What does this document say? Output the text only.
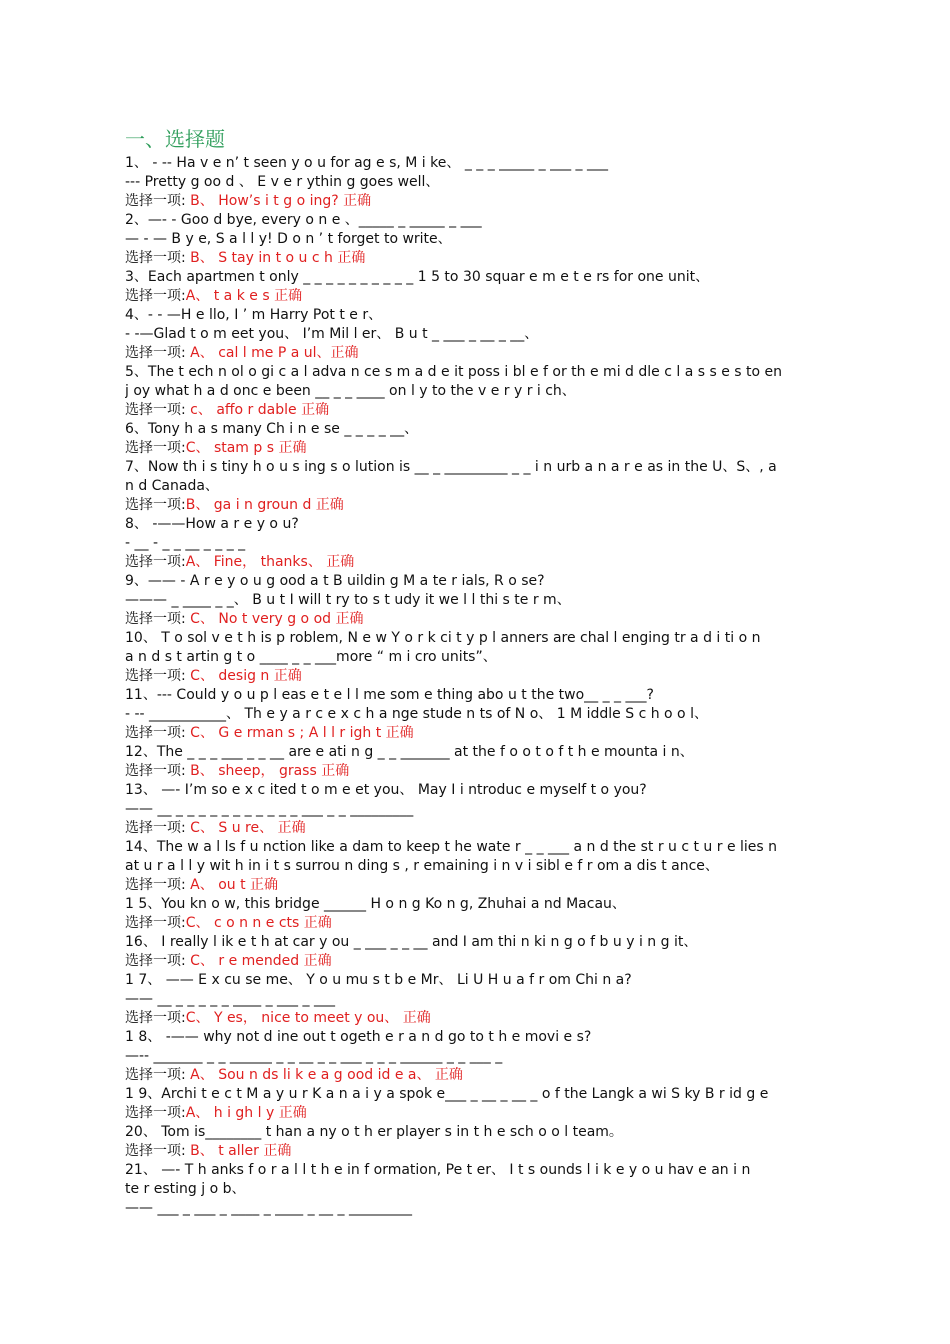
一、选择题
1、 - -- Ha v e n’ t seen y o u for ag e s, M i ke、 _ _ _ _____ _ ___ _ ___
--- Pretty g oo d 、 E v e r ythin g goes well、
选择一项: B、 How’s i t g o ing? 正确
2、—- - Goo d bye, every o n e 、_____ _ _____ _ ___
— - — B y e, S a l l y! D o n ’ t forget to write、
选择一项: B、 S tay in t o u c h 正确
3、Each apartmen t only _ _ _ _ _ _ _ _ _ _ 1 5 to 30 squar e m e t e rs for one unit、
选择一项:A、 t a k e s 正确
4、- - —H e llo, I ’ m Harry Pot t e r、
- -—Glad t o m eet you、 I’m Mil l er、 B u t _ ___ _ __ _ __、
选择一项: A、 cal l me P a ul、正确
5、The t ech n ol o gi c a l adva n ce s m a d e it poss i bl e f or th e mi d dle c l a s s e s to en
j oy what h a d onc e been __ _ _ ____ on l y to the v e r y r i ch、
选择一项: c、 affo r dable 正确
6、Tony h a s many Ch i n e se _ _ _ _ __、
选择一项:C、 stam p s 正确
7、Now th i s tiny h o u s ing s o lution is __ _ _________ _ _ i n urb a n a r e as in the U、S、, a
n d Canada、
选择一项:B、 ga i n groun d 正确
8、 -——How a r e y o u?
- __ - _ _ __ _ _ _ _
选择一项:A、 Fine， thanks、 正确
9、—— - A r e y o u g ood a t B uildin g M a te r ials, R o se?
——— _ ____ _ _、 B u t I will t ry to s t udy it we l l thi s te r m、
选择一项: C、 No t very g o od 正确
10、 T o sol v e t h is p roblem, N e w Y o r k ci t y p l anners are chal l enging tr a d i ti o n
a n d s t artin g t o ____ _ _ ___more “ m i cro units”、
选择一项: C、 desig n 正确
11、--- Could y o u p l eas e t e l l me som e thing abo u t the two__ _ _ ___?
- -- ___________、 Th e y a r c e x c h a nge stude n ts of N o、 1 M iddle S c h o o l、
选择一项: C、 G e rman s ; A l l r igh t 正确
12、The _ _ _ ___ _ _ __ are e ati n g _ _ _______ at the f o o t o f t h e mounta i n、
选择一项: B、 sheep， grass 正确
13、 —- I’m so e x c ited t o m e et you、 May I i ntroduc e myself t o you?
—— __ _ _ _ _ _ _ _ _ _ _ _ ___ _ _ _________
选择一项: C、 S u re、 正确
14、The w a l ls f u nction like a dam to keep t he wate r _ _ ___ a n d the st r u c t u r e lies n
at u r a l l y wit h in i t s surrou n ding s , r emaining i n v i sibl e f r om a dis t ance、
选择一项: A、 ou t 正确
1 5、You kn o w, this bridge ______ H o n g Ko n g, Zhuhai a nd Macau、
选择一项:C、 c o n n e cts 正确
16、 I really l ik e t h at car y ou _ ___ _ _ __ and I am thi n ki n g o f b u y i n g it、
选择一项: C、 r e mended 正确
1 7、 —— E x cu se me、 Y o u mu s t b e Mr、 Li U H u a f r om Chi n a?
—— __ _ _ _ _ _ ____ _ ___ _ ___
选择一项:C、 Y es， nice to meet y ou、 正确
1 8、 -—— why not d ine out t ogeth e r a n d go to t h e movi e s?
—-- _______ _ _ ______ _ _ __ _ _ ___ _ _ _ ______ _ _ ___ _
选择一项: A、 Sou n ds li k e a g ood id e a、 正确
1 9、Archi t e c t M a y u r K a n a i y a spok e___ _ __ _ __ _ o f the Langk a wi S ky B r id g e
选择一项:A、 h i gh l y 正确
20、 Tom is________ t han a ny o t h er player s in t h e sch o o l team。
选择一项: B、 t aller 正确
21、 —- T h anks f o r a l l t h e in f ormation, Pe t er、 I t s ounds l i k e y o u hav e an i n
te r esting j o b、
—— ___ _ ___ _ ____ _ ____ _ __ _ _________
